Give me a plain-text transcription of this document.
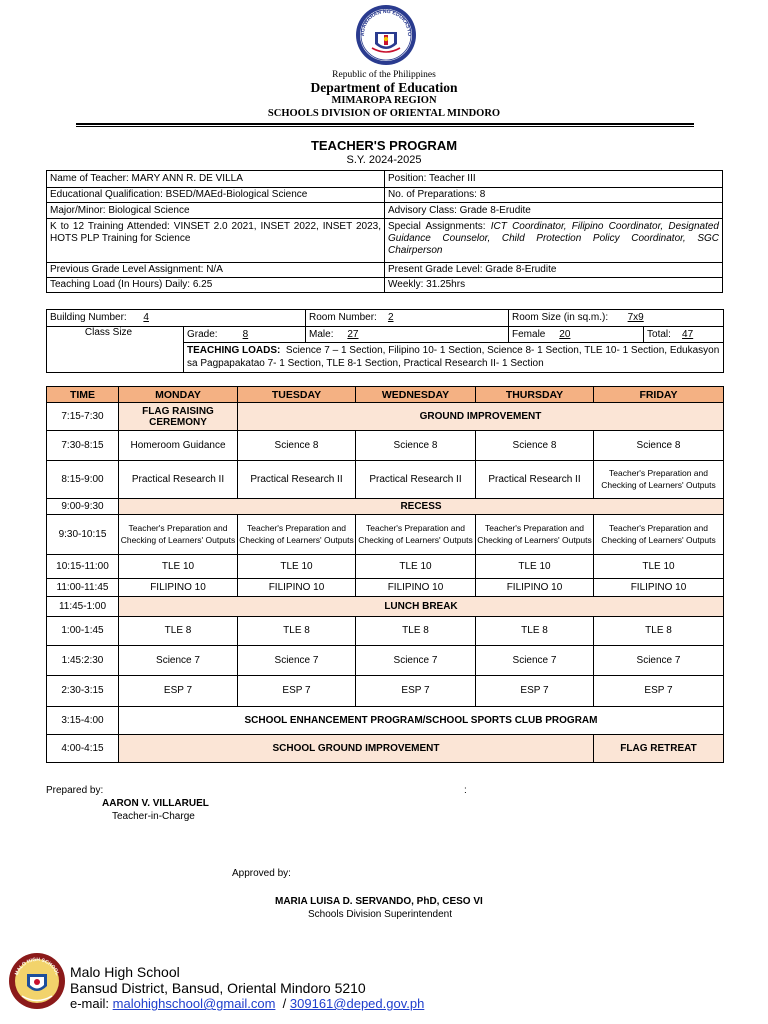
AGAWARAN NG EDUKASYO
Republic of the Philippines
Department of Education
MIMAROPA REGION
SCHOOLS DIVISION OF ORIENTAL MINDORO
TEACHER'S PROGRAM
S.Y. 2024-2025
Name of Teacher: MARY ANN R. DE VILLA	Position: Teacher III
Educational Qualification: BSED/MAEd-Biological Science	No. of Preparations: 8
Major/Minor: Biological Science	Advisory Class: Grade 8-Erudite
K to 12 Training Attended: VINSET 2.0 2021, INSET 2022, INSET 2023, HOTS PLP Training for Science	Special Assignments: ICT Coordinator, Filipino Coordinator, Designated Guidance Counselor, Child Protection Policy Coordinator, SGC Chairperson
Previous Grade Level Assignment: N/A	Present Grade Level: Grade 8-Erudite
Teaching Load (In Hours) Daily: 6.25	Weekly: 31.25hrs
Building Number: 4		Room Number: 2	Room Size (in sq.m.): 7x9	
Class Size	Grade: 8	Male: 27	Female 20	Total: 47
	TEACHING LOADS: Science 7 – 1 Section, Filipino 10- 1 Section, Science 8- 1 Section, TLE 10- 1 Section, Edukasyon sa Pagpapakatao 7- 1 Section, TLE 8-1 Section, Practical Research II- 1 Section			
TIME	MONDAY	TUESDAY	WEDNESDAY	THURSDAY	FRIDAY
7:15-7:30	FLAG RAISING CEREMONY	GROUND IMPROVEMENT			
7:30-8:15	Homeroom Guidance	Science 8	Science 8	Science 8	Science 8
8:15-9:00	Practical Research II	Practical Research II	Practical Research II	Practical Research II	Teacher's Preparation and Checking of Learners' Outputs
9:00-9:30	RECESS				
9:30-10:15	Teacher's Preparation and Checking of Learners' Outputs	Teacher's Preparation and Checking of Learners' Outputs	Teacher's Preparation and Checking of Learners' Outputs	Teacher's Preparation and Checking of Learners' Outputs	Teacher's Preparation and Checking of Learners' Outputs
10:15-11:00	TLE 10	TLE 10	TLE 10	TLE 10	TLE 10
11:00-11:45	FILIPINO 10	FILIPINO 10	FILIPINO 10	FILIPINO 10	FILIPINO 10
11:45-1:00	LUNCH BREAK				
1:00-1:45	TLE 8	TLE 8	TLE 8	TLE 8	TLE 8
1:45:2:30	Science 7	Science 7	Science 7	Science 7	Science 7
2:30-3:15	ESP 7	ESP 7	ESP 7	ESP 7	ESP 7
3:15-4:00	SCHOOL ENHANCEMENT PROGRAM/SCHOOL SPORTS CLUB PROGRAM				
4:00-4:15	SCHOOL GROUND IMPROVEMENT				FLAG RETREAT
Prepared by:	:
AARON V. VILLARUEL
Teacher-in-Charge
Approved by:
MARIA LUISA D. SERVANDO, PhD, CESO VI
Schools Division Superintendent
MALO HIGH SCHOOL Malo High School
Bansud District, Bansud, Oriental Mindoro 5210
e-mail: malohighschool@gmail.com / 309161@deped.gov.ph
